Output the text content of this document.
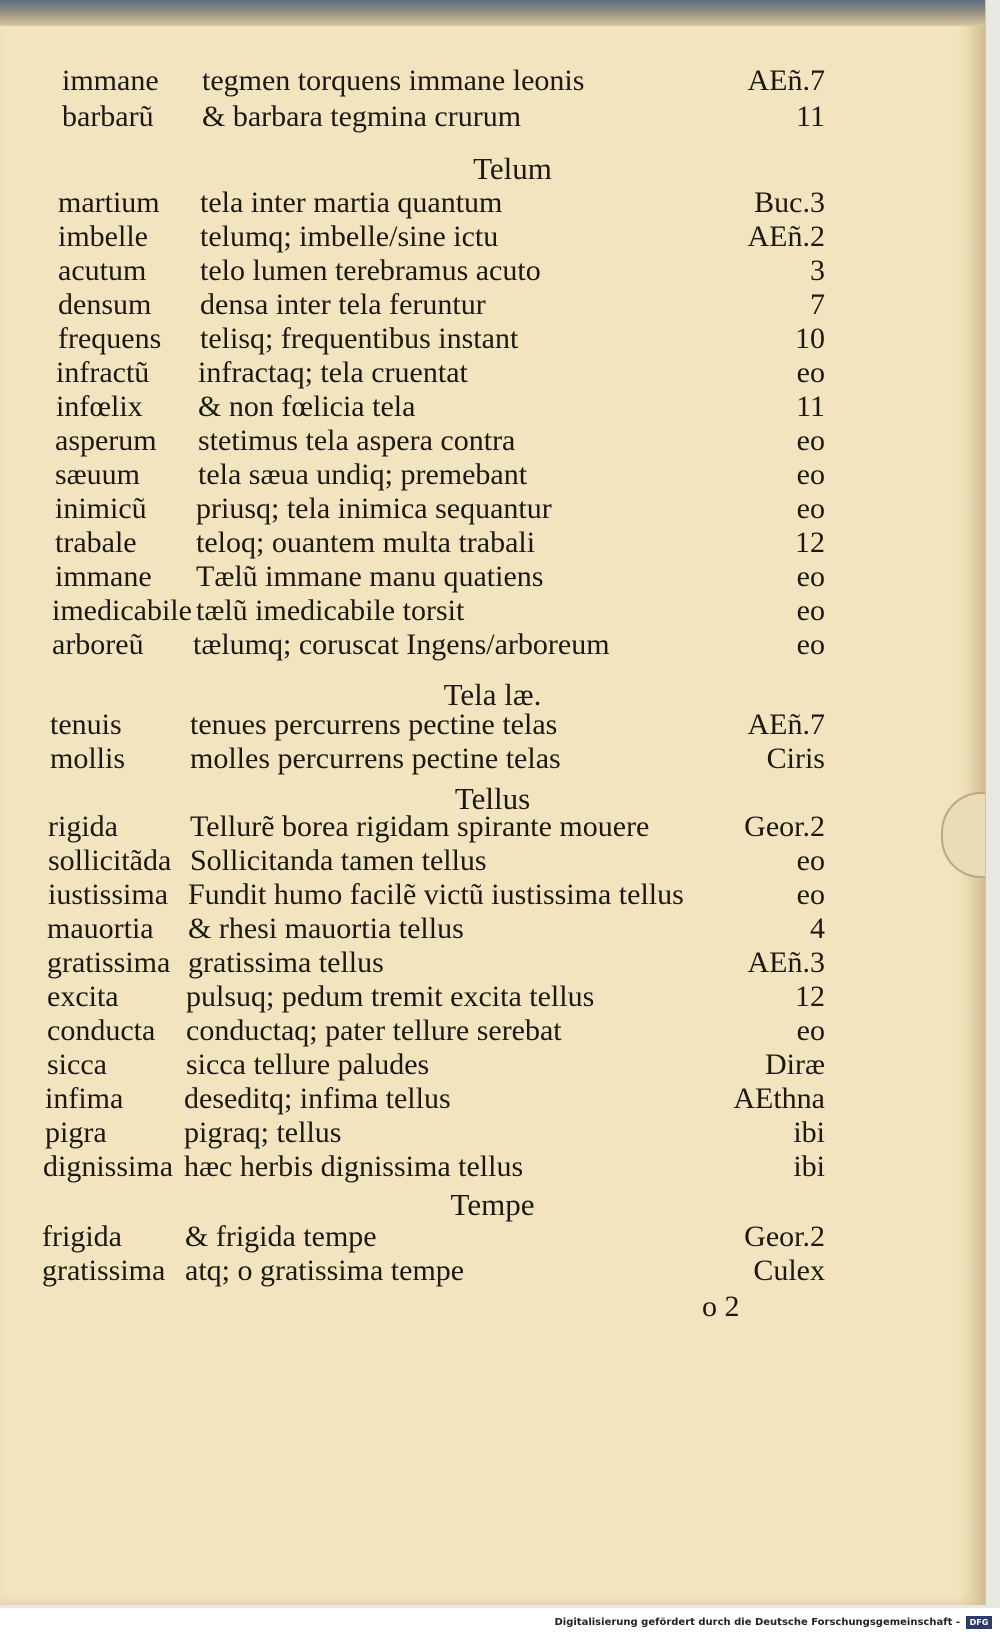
immane tegmen torquens immane leonis	AEñ.7
barbarũ & barbara tegmina crurum	11
Telum
martium tela inter martia quantum	Buc.3
imbelle telumq; imbelle/sine ictu	AEñ.2
acutum telo lumen terebramus acuto	3
densum densa inter tela feruntur	7
frequens telisq; frequentibus instant	10
infractũ infractaq; tela cruentat	eo
infœlix & non fœlicia tela	11
asperum stetimus tela aspera contra	eo
sæuum tela sæua undiq; premebant	eo
inimicũ priusq; tela inimica sequantur	eo
trabale teloq; ouantem multa trabali	12
immane Tælũ immane manu quatiens	eo
imedicabile tælũ imedicabile torsit	eo
arboreũ tælumq; coruscat Ingens/arboreum	eo
Tela læ.
tenuis tenues percurrens pectine telas	AEñ.7
mollis molles percurrens pectine telas	Ciris
Tellus
rigida Tellurẽ borea rigidam spirante mouere	Geor.2
sollicitãda Sollicitanda tamen tellus	eo
iustissima Fundit humo facilẽ victũ iustissima tellus	eo
mauortia & rhesi mauortia tellus	4
gratissima gratissima tellus	AEñ.3
excita pulsuq; pedum tremit excita tellus	12
conducta conductaq; pater tellure serebat	eo
sicca	sicca tellure paludes	Diræ
infima deseditq; infima tellus	AEthna
pigra	pigraq; tellus	ibi
dignissima hæc herbis dignissima tellus	ibi
Tempe
frigida & frigida tempe	Geor.2
gratissima atq; o gratissima tempe	Culex
o 2
Digitalisierung gefördert durch die Deutsche Forschungsgemeinschaft -	DFG
